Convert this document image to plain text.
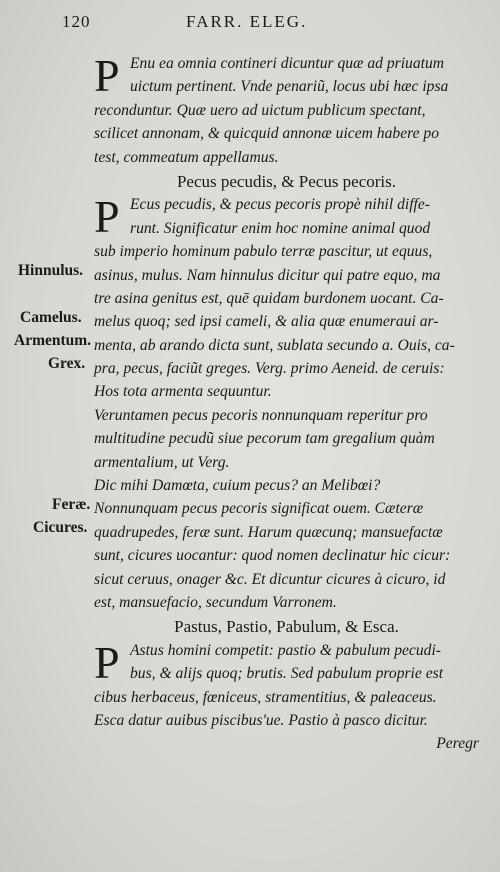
120	FARR. ELEG.
Hinnulus.
Camelus.
Armentum.
Grex.
Feræ.
Cicures.
P Enu ea omnia contineri dicuntur quæ ad priuatum
uictum pertinent. Vnde penariũ, locus ubi hæc ipsa
reconduntur. Quæ uero ad uictum publicum spectant,
scilicet annonam, & quicquid annonæ uicem habere po
test, commeatum appellamus.
Pecus pecudis, & Pecus pecoris.
P Ecus pecudis, & pecus pecoris propè nihil diffe-
runt. Significatur enim hoc nomine animal quod
sub imperio hominum pabulo terræ pascitur, ut equus,
asinus, mulus. Nam hinnulus dicitur qui patre equo, ma
tre asina genitus est, quē quidam burdonem uocant. Ca-
melus quoq; sed ipsi cameli, & alia quæ enumeraui ar-
menta, ab arando dicta sunt, sublata secundo a. Ouis, ca-
pra, pecus, faciũt greges. Verg. primo Aeneid. de ceruis:
Hos tota armenta sequuntur.
Veruntamen pecus pecoris nonnunquam reperitur pro
multitudine pecudũ siue pecorum tam gregalium quàm
armentalium, ut Verg.
Dic mihi Damœta, cuium pecus? an Melibœi?
Nonnunquam pecus pecoris significat ouem. Cæteræ
quadrupedes, feræ sunt. Harum quæcunq; mansuefactæ
sunt, cicures uocantur: quod nomen declinatur hic cicur:
sicut ceruus, onager &c. Et dicuntur cicures à cicuro, id
est, mansuefacio, secundum Varronem.
Pastus, Pastio, Pabulum, & Esca.
P Astus homini competit: pastio & pabulum pecudi-
bus, & alijs quoq; brutis. Sed pabulum proprie est
cibus herbaceus, fœniceus, stramentitius, & paleaceus.
Esca datur auibus piscibus'ue. Pastio à pasco dicitur.
Peregr
